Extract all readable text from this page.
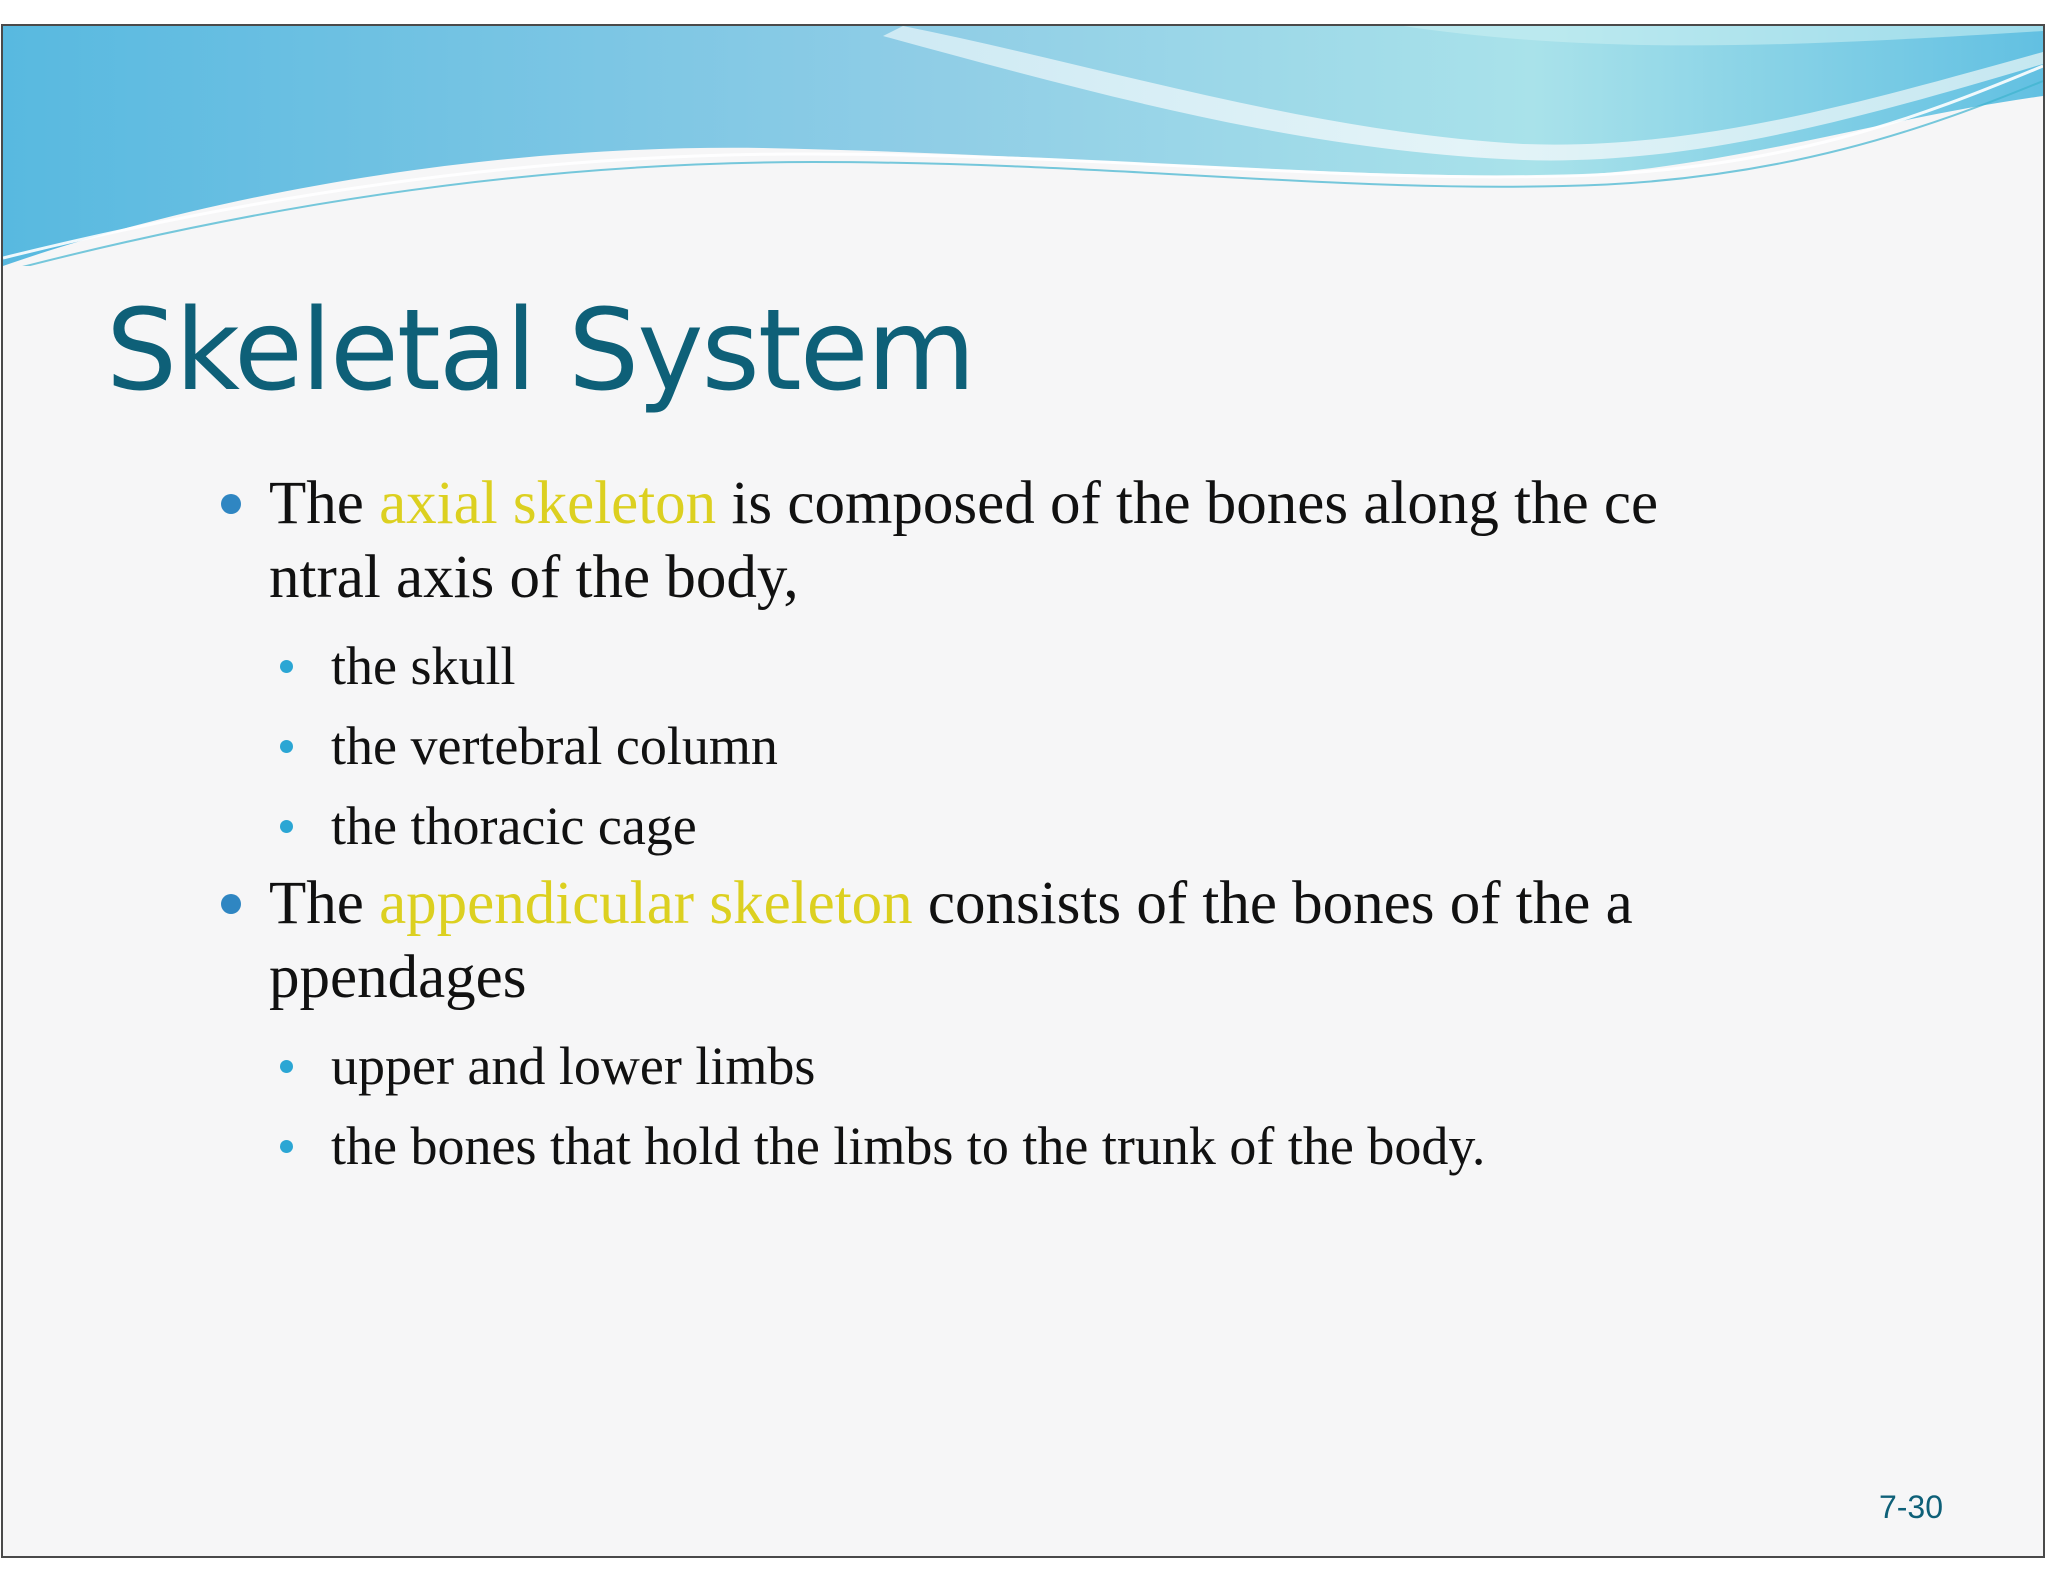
Skeletal System
The axial skeleton is composed of the bones along the ce
ntral axis of the body,
the skull
the vertebral column
the thoracic cage
The appendicular skeleton consists of the bones of the a
ppendages
upper and lower limbs
the bones that hold the limbs to the trunk of the body.
7-30
